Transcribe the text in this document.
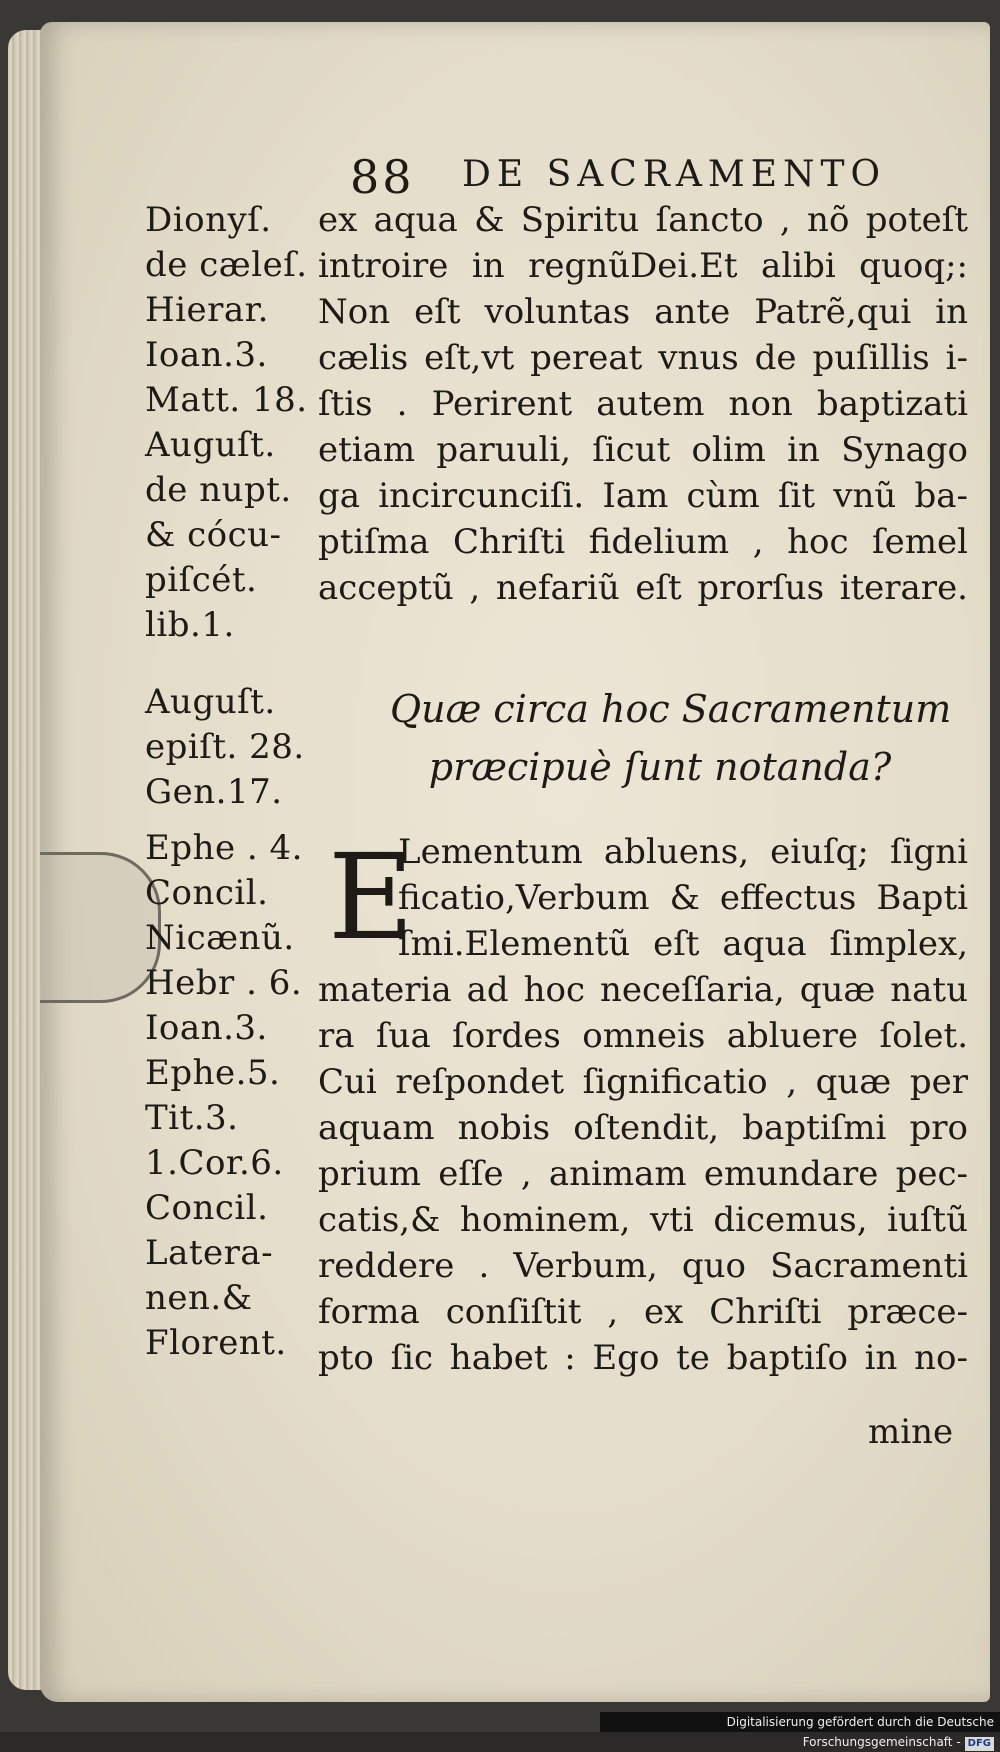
88 DE SACRAMENTO
Dionyſ.
de cæleſ.
Hierar.
Ioan.3.
Matt. 18.
Auguſt.
de nupt.
& cócu-
piſcét.
lib.1.
Auguſt.
epiſt. 28.
Gen.17.
Ephe . 4.
Concil.
Nicænũ.
Hebr . 6.
Ioan.3.
Ephe.5.
Tit.3.
1.Cor.6.
Concil.
Latera-
nen.&
Florent.
ex aqua & Spiritu ſancto , nõ poteſt
introire in regnũDei.Et alibi quoq;:
Non eſt voluntas ante Patrẽ,qui in
cælis eſt,vt pereat vnus de puſillis i-
ſtis . Perirent autem non baptizati
etiam paruuli, ſicut olim in Synago
ga incircunciſi. Iam cùm ſit vnũ ba-
ptiſma Chriſti fidelium , hoc ſemel
acceptũ , nefariũ eſt prorſus iterare.
Lementum abluens, eiuſq; ſigni
ficatio,Verbum & effectus Bapti
ſmi.Elementũ eſt aqua ſimplex,
materia ad hoc neceſſaria, quæ natu
ra ſua ſordes omneis abluere ſolet.
Cui reſpondet ſignificatio , quæ per
aquam nobis oſtendit, baptiſmi pro
prium eſſe , animam emundare pec-
catis,& hominem, vti dicemus, iuſtũ
reddere . Verbum, quo Sacramenti
forma conſiſtit , ex Chriſti præce-
pto ſic habet : Ego te baptiſo in no-
Quæ circa hoc Sacramentum
præcipuè ſunt notanda?
E
mine
Digitalisierung gefördert durch die Deutsche Forschungsgemeinschaft - DFG
